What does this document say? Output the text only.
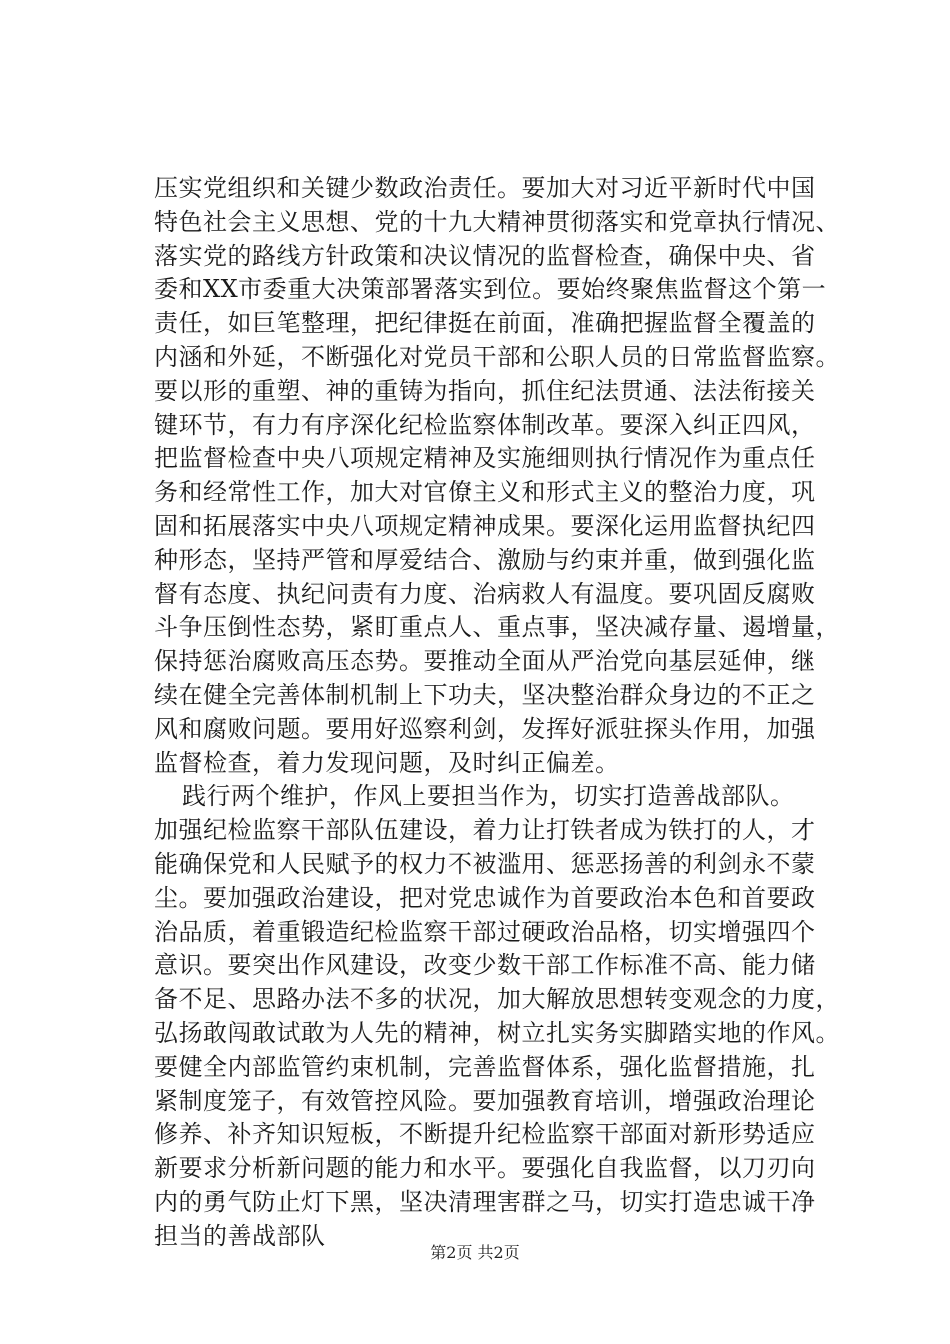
压实党组织和关键少数政治责任。要加大对习近平新时代中国
特色社会主义思想、党的十九大精神贯彻落实和党章执行情况、
落实党的路线方针政策和决议情况的监督检查，确保中央、省
委和XX市委重大决策部署落实到位。要始终聚焦监督这个第一
责任，如巨笔整理，把纪律挺在前面，准确把握监督全覆盖的
内涵和外延，不断强化对党员干部和公职人员的日常监督监察。
要以形的重塑、神的重铸为指向，抓住纪法贯通、法法衔接关
键环节，有力有序深化纪检监察体制改革。要深入纠正四风，
把监督检查中央八项规定精神及实施细则执行情况作为重点任
务和经常性工作，加大对官僚主义和形式主义的整治力度，巩
固和拓展落实中央八项规定精神成果。要深化运用监督执纪四
种形态，坚持严管和厚爱结合、激励与约束并重，做到强化监
督有态度、执纪问责有力度、治病救人有温度。要巩固反腐败
斗争压倒性态势，紧盯重点人、重点事，坚决减存量、遏增量，
保持惩治腐败高压态势。要推动全面从严治党向基层延伸，继
续在健全完善体制机制上下功夫，坚决整治群众身边的不正之
风和腐败问题。要用好巡察利剑，发挥好派驻探头作用，加强
监督检查，着力发现问题，及时纠正偏差。
践行两个维护，作风上要担当作为，切实打造善战部队。
加强纪检监察干部队伍建设，着力让打铁者成为铁打的人，才
能确保党和人民赋予的权力不被滥用、惩恶扬善的利剑永不蒙
尘。要加强政治建设，把对党忠诚作为首要政治本色和首要政
治品质，着重锻造纪检监察干部过硬政治品格，切实增强四个
意识。要突出作风建设，改变少数干部工作标准不高、能力储
备不足、思路办法不多的状况，加大解放思想转变观念的力度，
弘扬敢闯敢试敢为人先的精神，树立扎实务实脚踏实地的作风。
要健全内部监管约束机制，完善监督体系，强化监督措施，扎
紧制度笼子，有效管控风险。要加强教育培训，增强政治理论
修养、补齐知识短板，不断提升纪检监察干部面对新形势适应
新要求分析新问题的能力和水平。要强化自我监督，以刀刃向
内的勇气防止灯下黑，坚决清理害群之马，切实打造忠诚干净
担当的善战部队
第2页 共2页
